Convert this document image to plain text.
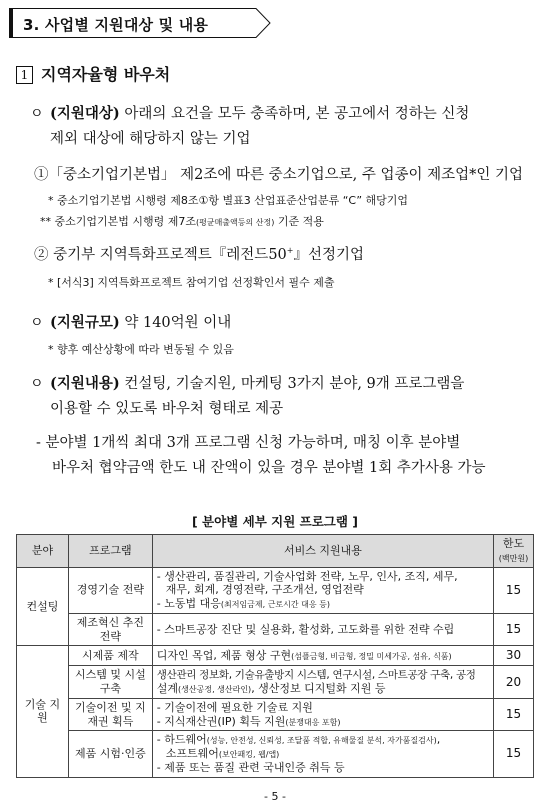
3. 사업별 지원대상 및 내용
1 지역자율형 바우처
ㅇ (지원대상) 아래의 요건을 모두 충족하며, 본 공고에서 정하는 신청
제외 대상에 해당하지 않는 기업
①「중소기업기본법」 제2조에 따른 중소기업으로, 주 업종이 제조업*인 기업
* 중소기업기본법 시행령 제8조①항 별표3 산업표준산업분류 “C” 해당기업
** 중소기업기본법 시행령 제7조(평균매출액등의 산정) 기준 적용
② 중기부 지역특화프로젝트『레전드50+』선정기업
* [서식3] 지역특화프로젝트 참여기업 선정확인서 필수 제출
ㅇ (지원규모) 약 140억원 이내
* 향후 예산상황에 따라 변동될 수 있음
ㅇ (지원내용) 컨설팅, 기술지원, 마케팅 3가지 분야, 9개 프로그램을
이용할 수 있도록 바우처 형태로 제공
- 분야별 1개씩 최대 3개 프로그램 신청 가능하며, 매칭 이후 분야별
바우처 협약금액 한도 내 잔액이 있을 경우 분야별 1회 추가사용 가능
[ 분야별 세부 지원 프로그램 ]
분야	프로그램	서비스 지원내용	한도
(백만원)
컨설팅	경영기술 전략	- 생산관리, 품질관리, 기술사업화 전략, 노무, 인사, 조직, 세무,
재무, 회계, 경영전략, 구조개선, 영업전략
- 노동법 대응(최저임금제, 근로시간 대응 등)	15
	제조혁신 추진전략	- 스마트공장 진단 및 실용화, 활성화, 고도화를 위한 전략 수립	15
기술 지원	시제품 제작	디자인 목업, 제품 형상 구현(섬플금형, 비금형, 정밀 미세가공, 섬유, 식품)	30
	시스템 및 시설구축	생산관리 정보화, 기술유출방지 시스템, 연구시설, 스마트공장 구축, 공정
설계(생산공정, 생산라인), 생산정보 디지털화 지원 등	20
	기술이전 및 지재권 획득	- 기술이전에 필요한 기술료 지원
- 지식재산권(IP) 획득 지원(분쟁대응 포함)	15
	제품 시험·인증	- 하드웨어(성능, 안전성, 신뢰성, 조달품 적합, 유해물질 분석, 자가품질검사),
소프트웨어(보안패킹, 웹/앱)
- 제품 또는 품질 관련 국내인증 취득 등	15
- 5 -
